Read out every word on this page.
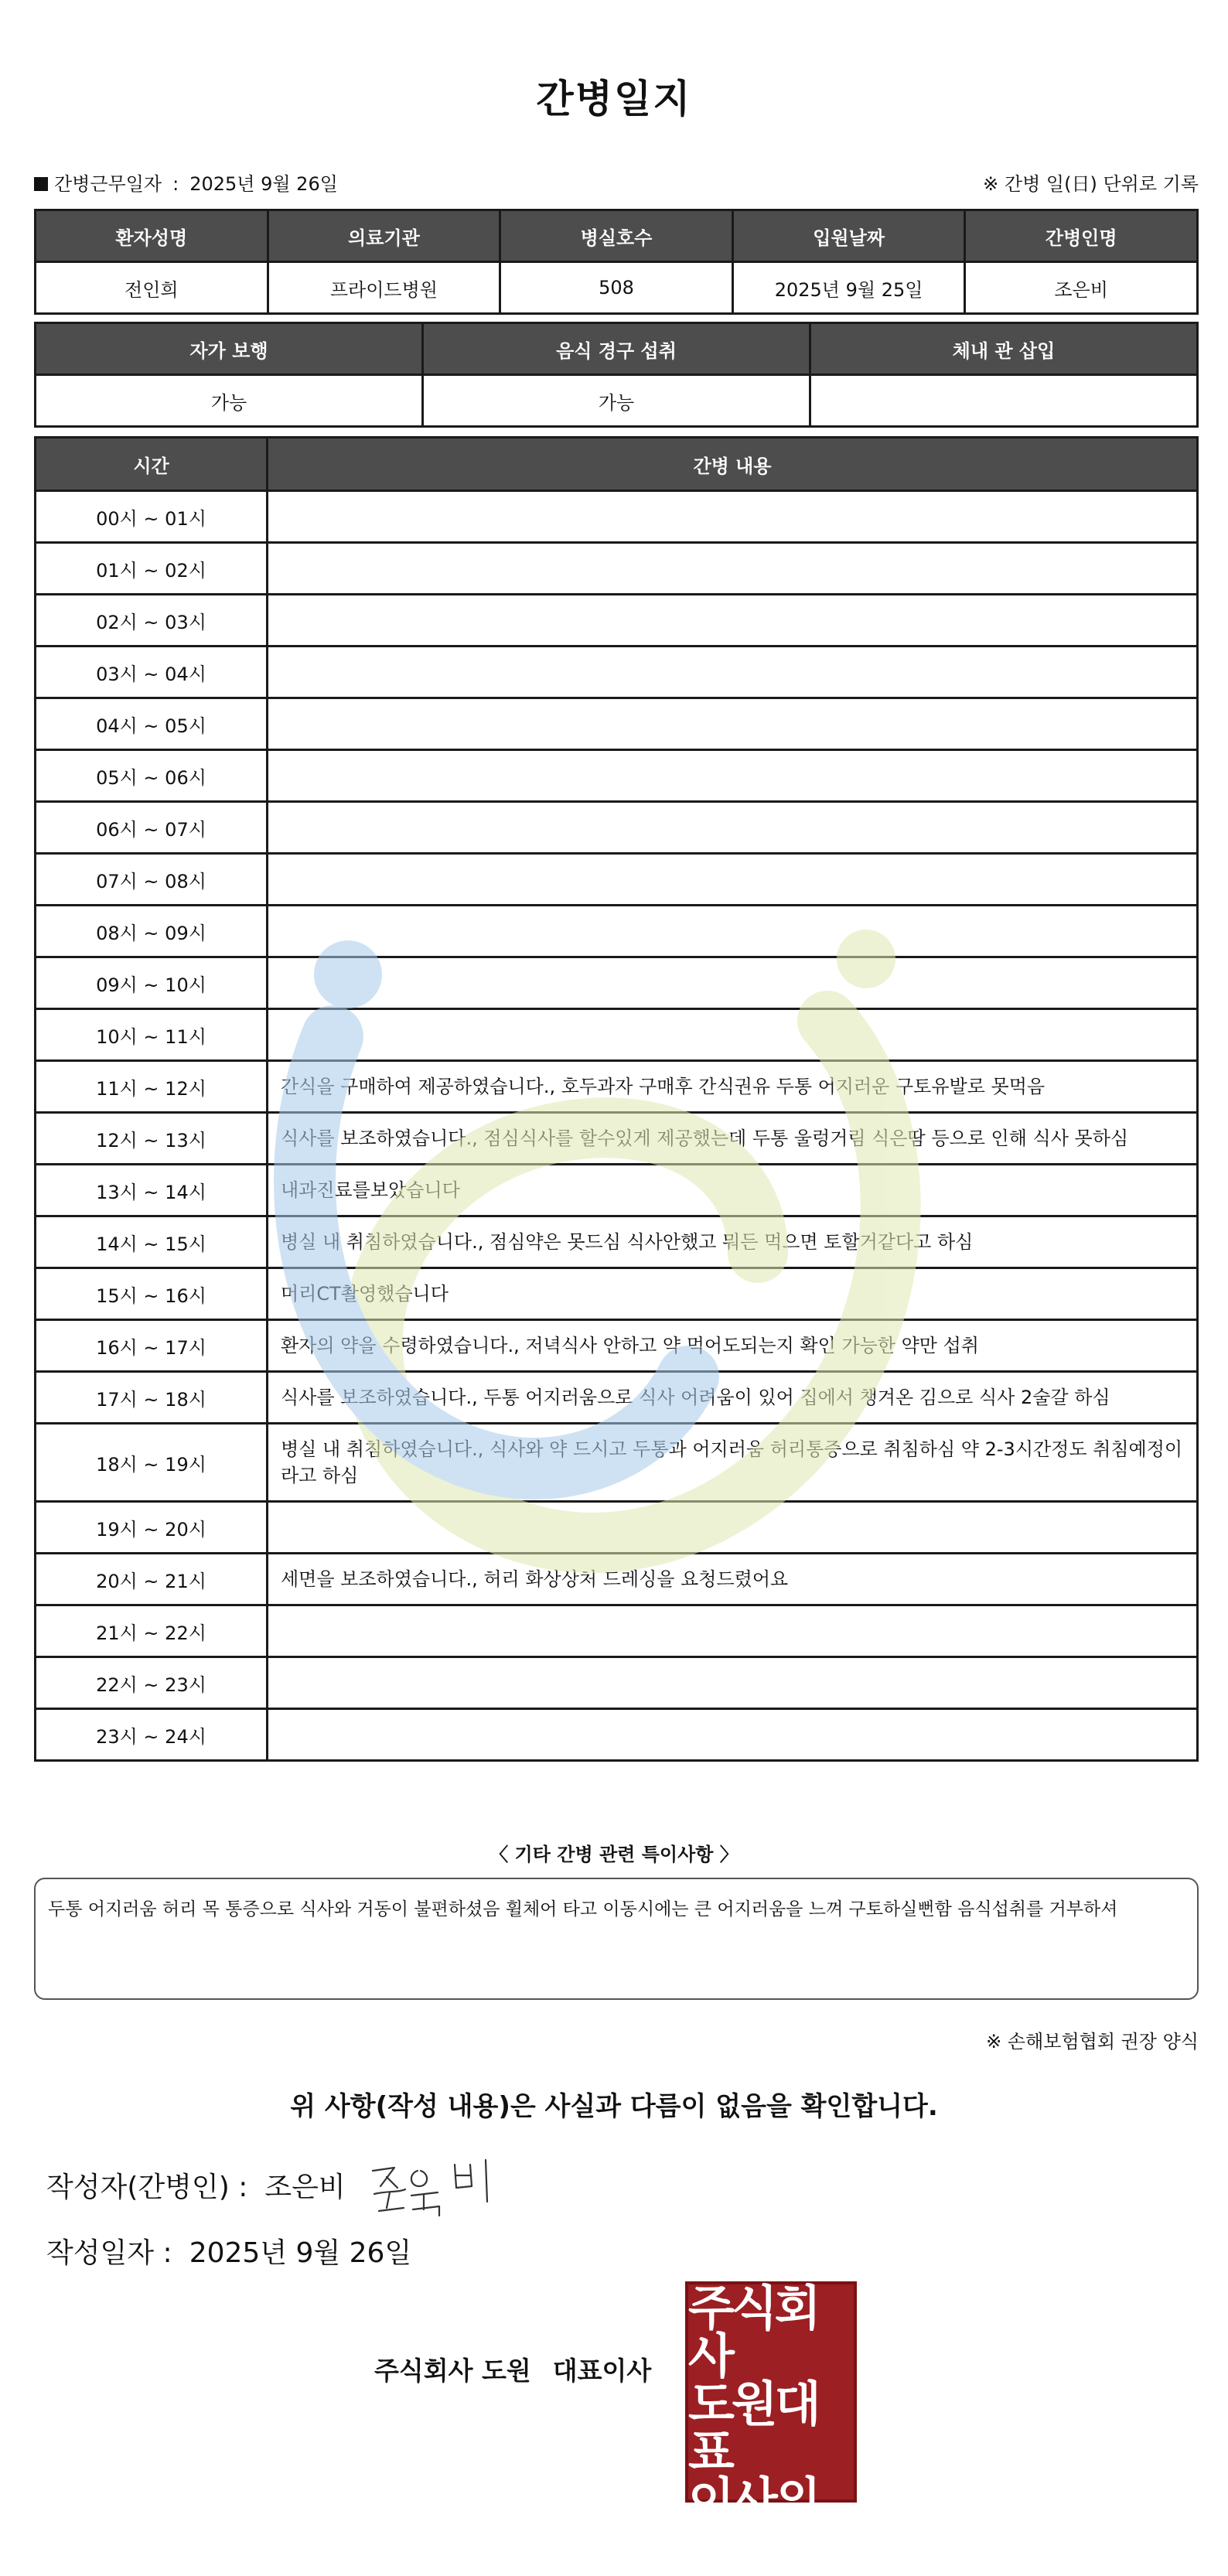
간병일지
간병근무일자 : 2025년 9월 26일	※ 간병 일(日) 단위로 기록
환자성명	의료기관	병실호수	입원날짜	간병인명
전인희	프라이드병원	508	2025년 9월 25일	조은비
자가 보행	음식 경구 섭취	체내 관 삽입
가능	가능	
시간	간병 내용
00시 ~ 01시	
01시 ~ 02시	
02시 ~ 03시	
03시 ~ 04시	
04시 ~ 05시	
05시 ~ 06시	
06시 ~ 07시	
07시 ~ 08시	
08시 ~ 09시	
09시 ~ 10시	
10시 ~ 11시	
11시 ~ 12시	간식을 구매하여 제공하였습니다., 호두과자 구매후 간식권유 두통 어지러운 구토유발로 못먹음
12시 ~ 13시	식사를 보조하였습니다., 점심식사를 할수있게 제공했는데 두통 울렁거림 식은땀 등으로 인해 식사 못하심
13시 ~ 14시	내과진료를보았습니다
14시 ~ 15시	병실 내 취침하였습니다., 점심약은 못드심 식사안했고 뭐든 먹으면 토할거같다고 하심
15시 ~ 16시	머리CT촬영했습니다
16시 ~ 17시	환자의 약을 수령하였습니다., 저녁식사 안하고 약 먹어도되는지 확인 가능한 약만 섭취
17시 ~ 18시	식사를 보조하였습니다., 두통 어지러움으로 식사 어려움이 있어 집에서 챙겨온 김으로 식사 2술갈 하심
18시 ~ 19시	병실 내 취침하였습니다., 식사와 약 드시고 두통과 어지러움 허리통증으로 취침하심 약 2-3시간정도 취침예정이라고 하심
19시 ~ 20시	
20시 ~ 21시	세면을 보조하였습니다., 허리 화상상처 드레싱을 요청드렸어요
21시 ~ 22시	
22시 ~ 23시	
23시 ~ 24시	
〈 기타 간병 관련 특이사항 〉
두통 어지러움 허리 목 통증으로 식사와 거동이 불편하셨음 휠체어 타고 이동시에는 큰 어지러움을 느껴 구토하실뻔함 음식섭취를 거부하셔
※ 손해보험협회 권장 양식
위 사항(작성 내용)은 사실과 다름이 없음을 확인합니다.
작성자(간병인) : 조은비
작성일자 : 2025년 9월 26일
주식회사 도원 대표이사
주식회사
도원대표
이사의인
